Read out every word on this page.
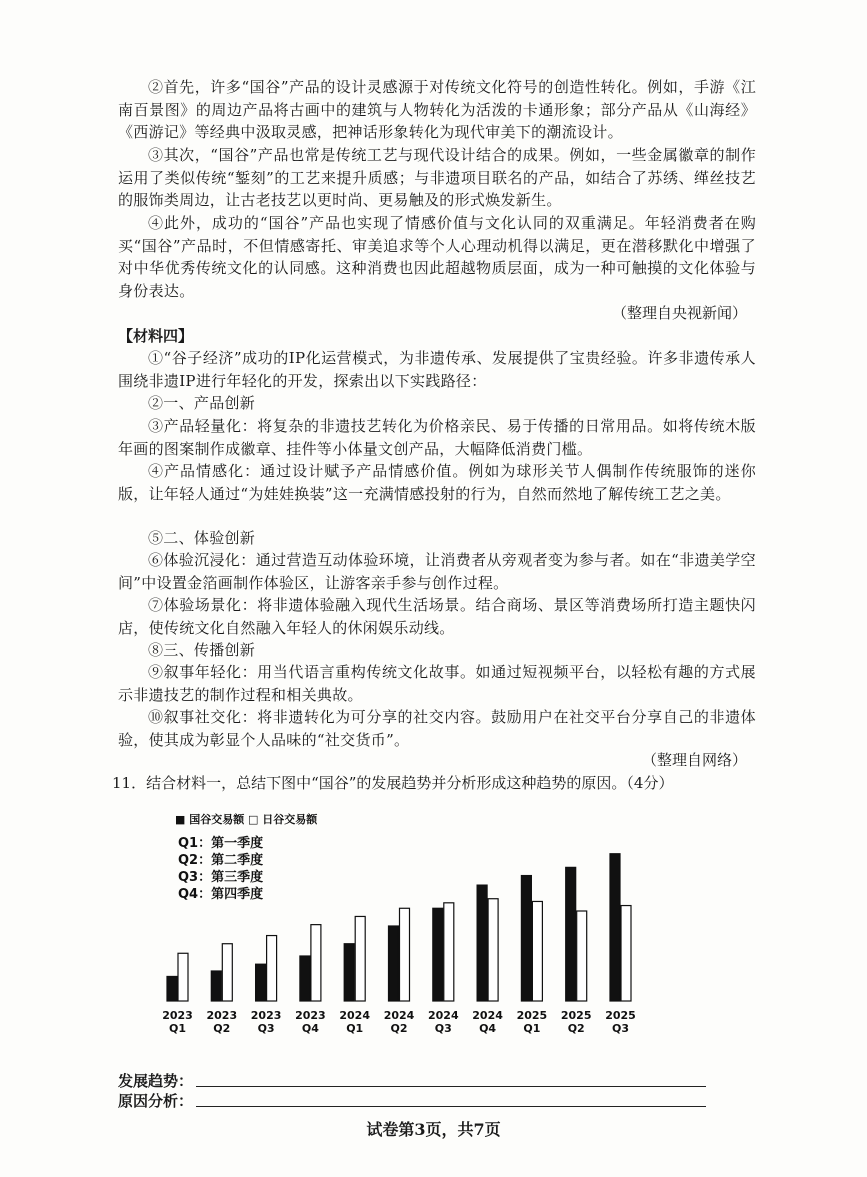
②首先，许多“国谷”产品的设计灵感源于对传统文化符号的创造性转化。例如，手游《江南百景图》的周边产品将古画中的建筑与人物转化为活泼的卡通形象；部分产品从《山海经》《西游记》等经典中汲取灵感，把神话形象转化为现代审美下的潮流设计。

③其次，“国谷”产品也常是传统工艺与现代设计结合的成果。例如，一些金属徽章的制作运用了类似传统“錾刻”的工艺来提升质感；与非遗项目联名的产品，如结合了苏绣、缂丝技艺的服饰类周边，让古老技艺以更时尚、更易触及的形式焕发新生。

④此外，成功的“国谷”产品也实现了情感价值与文化认同的双重满足。年轻消费者在购买“国谷”产品时，不但情感寄托、审美追求等个人心理动机得以满足，更在潜移默化中增强了对中华优秀传统文化的认同感。这种消费也因此超越物质层面，成为一种可触摸的文化体验与身份表达。

（整理自央视新闻）
【材料四】

①“谷子经济”成功的IP化运营模式，为非遗传承、发展提供了宝贵经验。许多非遗传承人围绕非遗IP进行年轻化的开发，探索出以下实践路径：

②一、产品创新

③产品轻量化：将复杂的非遗技艺转化为价格亲民、易于传播的日常用品。如将传统木版年画的图案制作成徽章、挂件等小体量文创产品，大幅降低消费门槛。

④产品情感化：通过设计赋予产品情感价值。例如为球形关节人偶制作传统服饰的迷你版，让年轻人通过“为娃娃换装”这一充满情感投射的行为，自然而然地了解传统工艺之美。

⑤二、体验创新

⑥体验沉浸化：通过营造互动体验环境，让消费者从旁观者变为参与者。如在“非遗美学空间”中设置金箔画制作体验区，让游客亲手参与创作过程。

⑦体验场景化：将非遗体验融入现代生活场景。结合商场、景区等消费场所打造主题快闪店，使传统文化自然融入年轻人的休闲娱乐动线。

⑧三、传播创新

⑨叙事年轻化：用当代语言重构传统文化故事。如通过短视频平台，以轻松有趣的方式展示非遗技艺的制作过程和相关典故。

⑩叙事社交化：将非遗转化为可分享的社交内容。鼓励用户在社交平台分享自己的非遗体验，使其成为彰显个人品味的“社交货币”。

（整理自网络）
11．结合材料一，总结下图中“国谷”的发展趋势并分析形成这种趋势的原因。（4分）
■ 国谷交易额 □ 日谷交易额
Q1：第一季度
Q2：第二季度
Q3：第三季度
Q4：第四季度
2023
Q1
2023
Q2
2023
Q3
2023
Q4
2024
Q1
2024
Q2
2024
Q3
2024
Q4
2025
Q1
2025
Q2
2025
Q3
发展趋势：
原因分析：
试卷第3页，共7页
